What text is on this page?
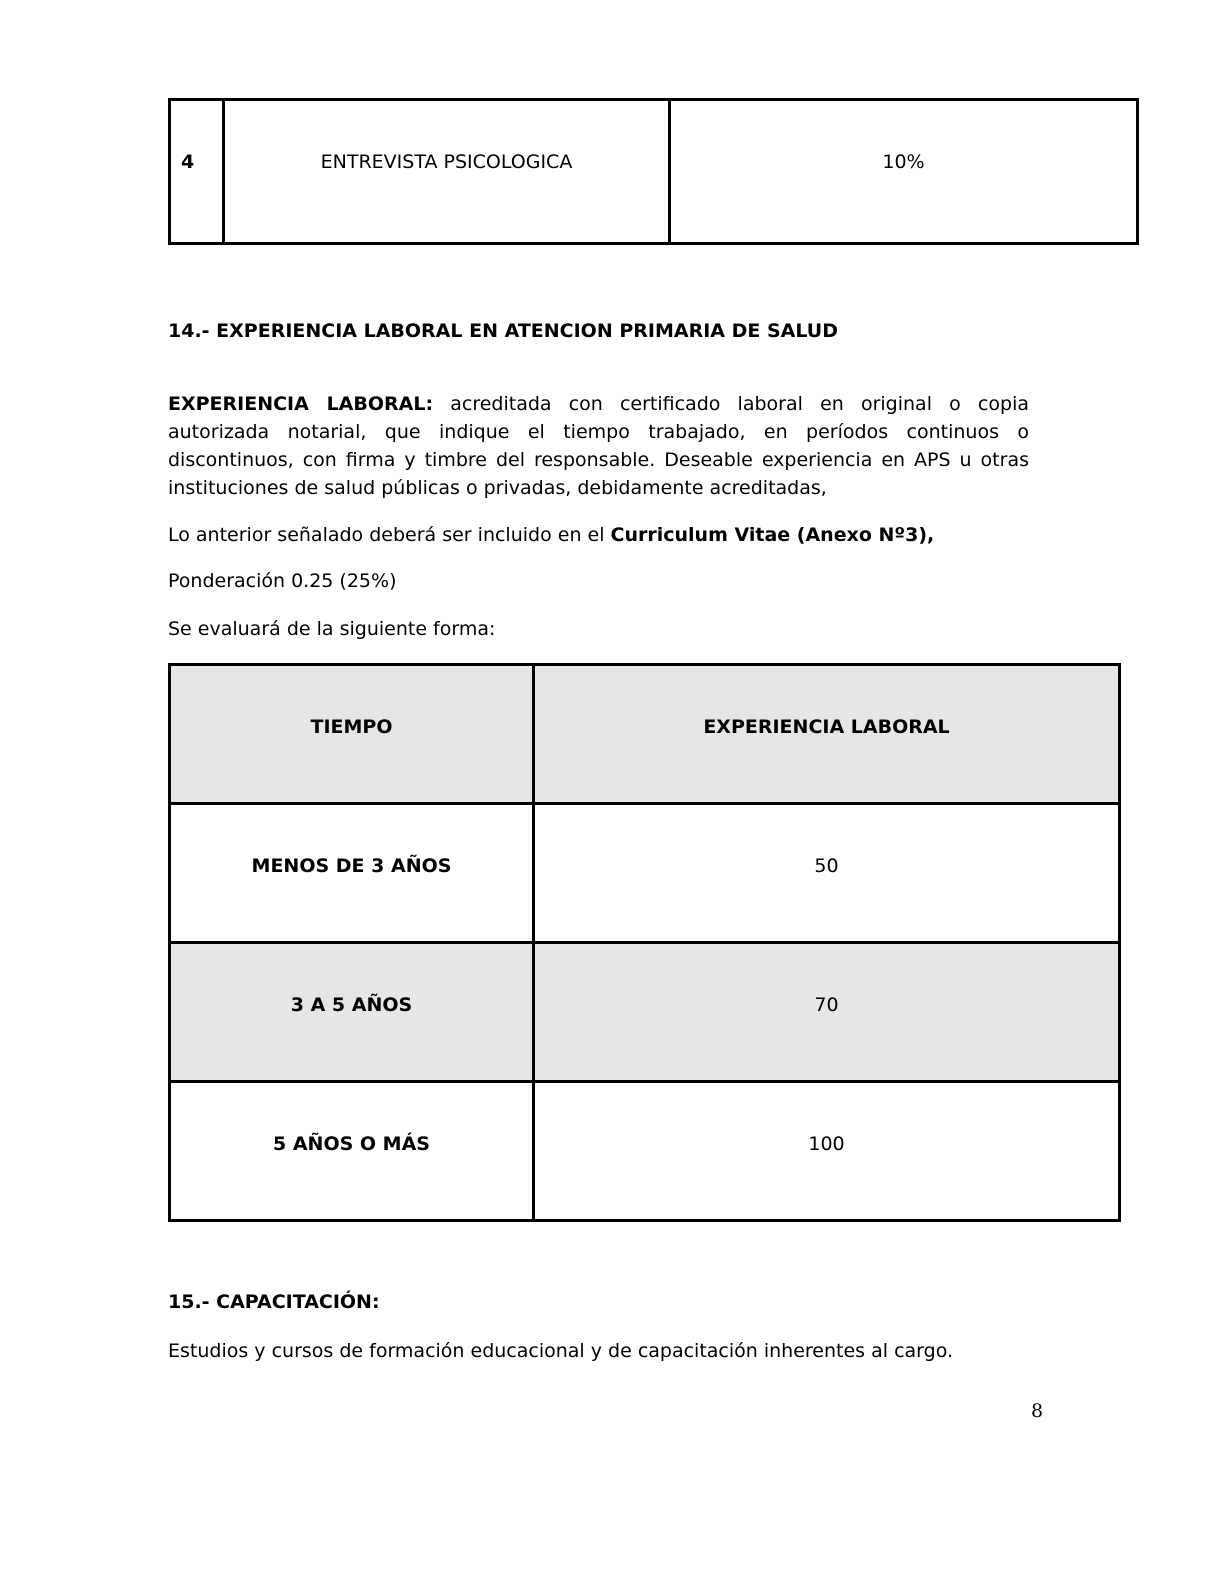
4	ENTREVISTA PSICOLOGICA	10%
14.- EXPERIENCIA LABORAL EN ATENCION PRIMARIA DE SALUD
EXPERIENCIA LABORAL: acreditada con certificado laboral en original o copia autorizada notarial, que indique el tiempo trabajado, en períodos continuos o discontinuos, con firma y timbre del responsable. Deseable experiencia en APS u otras instituciones de salud públicas o privadas, debidamente acreditadas,
Lo anterior señalado deberá ser incluido en el Curriculum Vitae (Anexo Nº3),
Ponderación 0.25 (25%)
Se evaluará de la siguiente forma:
TIEMPO	EXPERIENCIA LABORAL
MENOS DE 3 AÑOS	50
3 A 5 AÑOS	70
5 AÑOS O MÁS	100
15.- CAPACITACIÓN:
Estudios y cursos de formación educacional y de capacitación inherentes al cargo.
8
